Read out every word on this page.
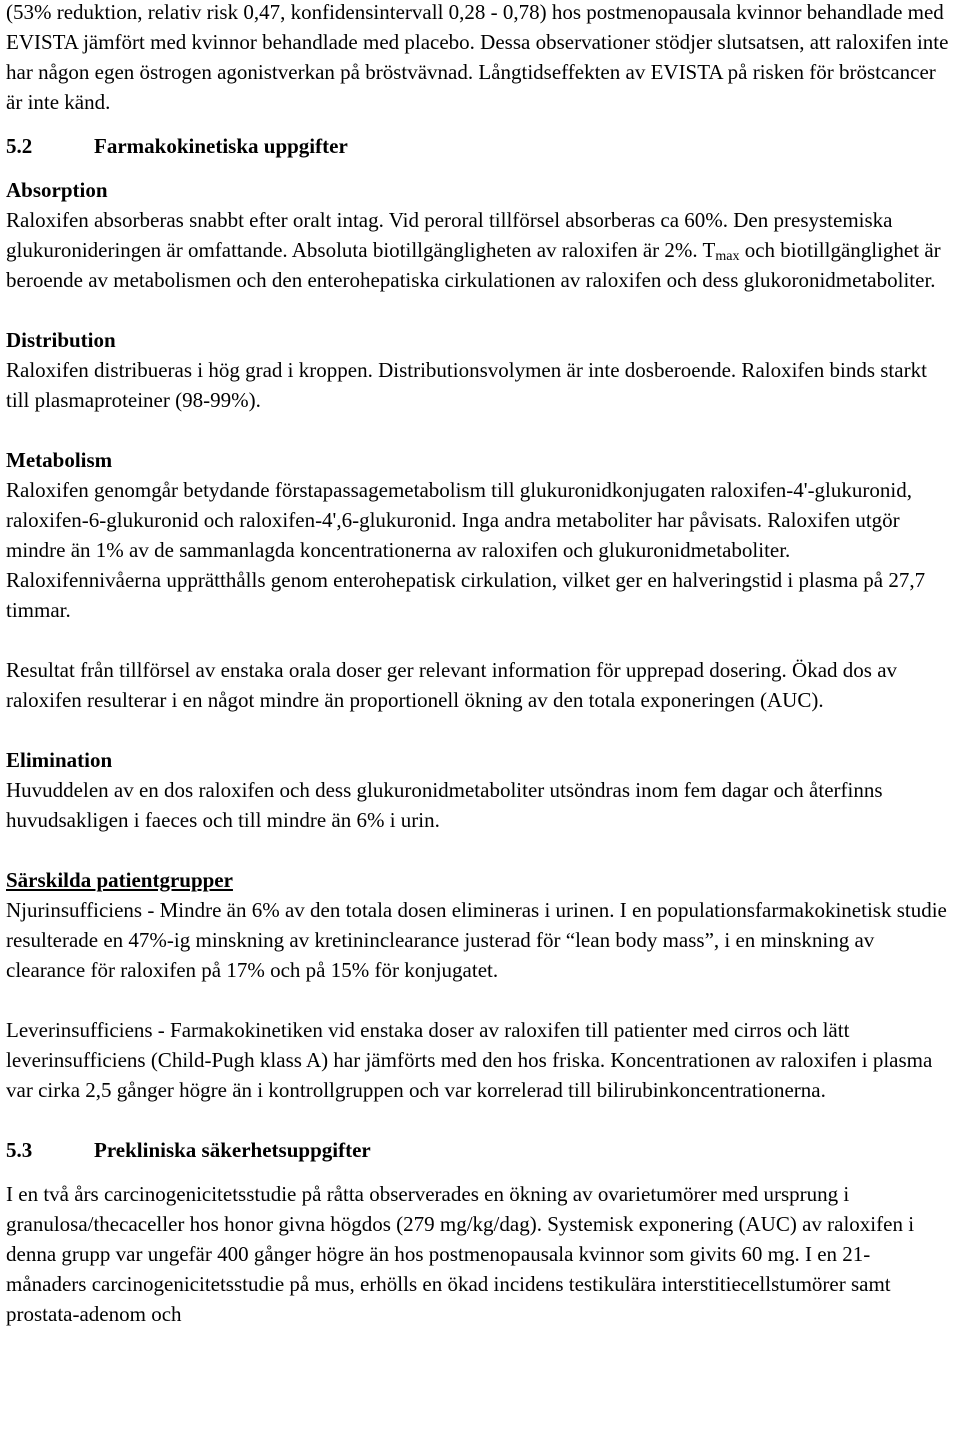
(53% reduktion, relativ risk 0,47, konfidensintervall 0,28 - 0,78) hos postmenopausala kvinnor behandlade med EVISTA jämfört med kvinnor behandlade med placebo. Dessa observationer stödjer slutsatsen, att raloxifen inte har någon egen östrogen agonistverkan på bröstvävnad. Långtidseffekten av EVISTA på risken för bröstcancer är inte känd.

5.2	Farmakokinetiska uppgifter
Absorption

Raloxifen absorberas snabbt efter oralt intag. Vid peroral tillförsel absorberas ca 60%. Den presystemiska glukuronideringen är omfattande. Absoluta biotillgängligheten av raloxifen är 2%. $T_{max}$ och biotillgänglighet är beroende av metabolismen och den enterohepatiska cirkulationen av raloxifen och dess glukoronidmetaboliter.

Distribution

Raloxifen distribueras i hög grad i kroppen. Distributionsvolymen är inte dosberoende. Raloxifen binds starkt till plasmaproteiner (98-99%).

Metabolism

Raloxifen genomgår betydande förstapassagemetabolism till glukuronidkonjugaten raloxifen-4'-glukuronid, raloxifen-6-glukuronid och raloxifen-4',6-glukuronid. Inga andra metaboliter har påvisats. Raloxifen utgör mindre än 1% av de sammanlagda koncentrationerna av raloxifen och glukuronidmetaboliter. Raloxifennivåerna upprätthålls genom enterohepatisk cirkulation, vilket ger en halveringstid i plasma på 27,7 timmar.

Resultat från tillförsel av enstaka orala doser ger relevant information för upprepad dosering. Ökad dos av raloxifen resulterar i en något mindre än proportionell ökning av den totala exponeringen (AUC).

Elimination

Huvuddelen av en dos raloxifen och dess glukuronidmetaboliter utsöndras inom fem dagar och återfinns huvudsakligen i faeces och till mindre än 6% i urin.

Särskilda patientgrupper

Njurinsufficiens - Mindre än 6% av den totala dosen elimineras i urinen. I en populationsfarmakokinetisk studie resulterade en 47%-ig minskning av kretininclearance justerad för “lean body mass”, i en minskning av clearance för raloxifen på 17% och på 15% för konjugatet.

Leverinsufficiens - Farmakokinetiken vid enstaka doser av raloxifen till patienter med cirros och lätt leverinsufficiens (Child-Pugh klass A) har jämförts med den hos friska. Koncentrationen av raloxifen i plasma var cirka 2,5 gånger högre än i kontrollgruppen och var korrelerad till bilirubinkoncentrationerna.

5.3	Prekliniska säkerhetsuppgifter

I en två års carcinogenicitetsstudie på råtta observerades en ökning av ovarietumörer med ursprung i granulosa/thecaceller hos honor givna högdos (279 mg/kg/dag). Systemisk exponering (AUC) av raloxifen i denna grupp var ungefär 400 gånger högre än hos postmenopausala kvinnor som givits 60 mg. I en 21-månaders carcinogenicitetsstudie på mus, erhölls en ökad incidens testikulära interstitiecellstumörer samt prostata-adenom och
